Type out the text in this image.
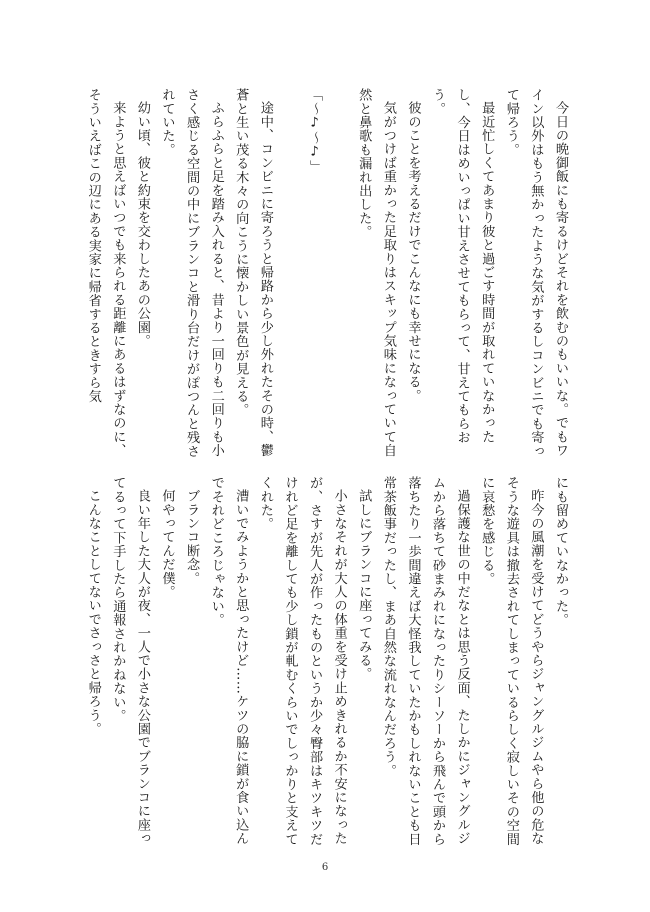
今日の晩御飯にも寄るけどそれを飲むのもいいな。でもワイン以外はもう無かったような気がするしコンビニでも寄って帰ろう。

最近忙しくてあまり彼と過ごす時間が取れていなかったし、今日はめいっぱい甘えさせてもらって、甘えてもらおう。

彼のことを考えるだけでこんなにも幸せになる。

気がつけば重かった足取りはスキップ気味になっていて自然と鼻歌も漏れ出した。

「〜♪〜♪」

途中、コンビニに寄ろうと帰路から少し外れたその時、鬱蒼と生い茂る木々の向こうに懐かしい景色が見える。

ふらふらと足を踏み入れると、昔より一回りも二回りも小さく感じる空間の中にブランコと滑り台だけがぽつんと残されていた。

幼い頃、彼と約束を交わしたあの公園。

来ようと思えばいつでも来られる距離にあるはずなのに、そういえばこの辺にある実家に帰省するときすら気

にも留めていなかった。

昨今の風潮を受けてどうやらジャングルジムやら他の危なそうな遊具は撤去されてしまっているらしく寂しいその空間に哀愁を感じる。

過保護な世の中だなとは思う反面、たしかにジャングルジムから落ちて砂まみれになったりシーソーから飛んで頭から落ちたり一歩間違えば大怪我していたかもしれないことも日常茶飯事だったし、まあ自然な流れなんだろう。

試しにブランコに座ってみる。

小さなそれが大人の体重を受け止めきれるか不安になったが、さすが先人が作ったものというか少々臀部はキツキツだけれど足を離しても少し鎖が軋むくらいでしっかりと支えてくれた。

漕いでみようかと思ったけど……ケツの脇に鎖が食い込んでそれどころじゃない。

ブランコ断念。

何やってんだ僕。

良い年した大人が夜、一人で小さな公園でブランコに座ってるって下手したら通報されかねない。

こんなことしてないでさっさと帰ろう。

6
